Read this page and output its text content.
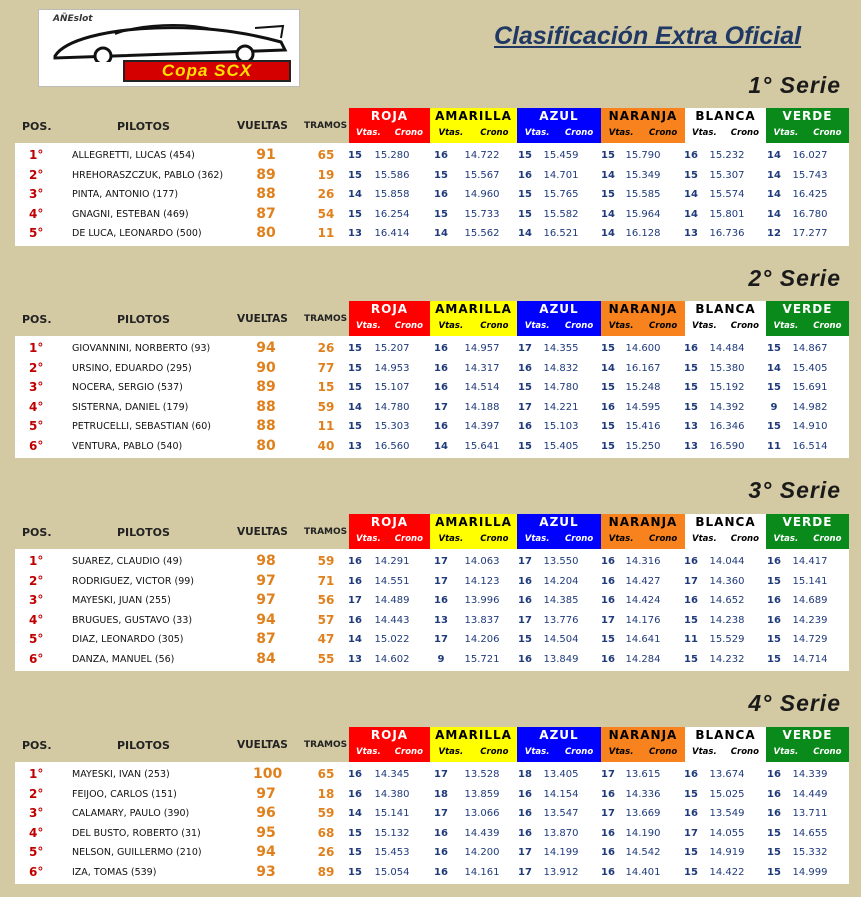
AÑEslot
Copa SCX
Clasificación Extra Oficial
1° Serie
POS.	PILOTOS	VUELTAS TRAMOS
ROJA
Vtas. Crono
AMARILLA
Vtas. Crono
AZUL
Vtas. Crono
NARANJA
Vtas. Crono
BLANCA
Vtas. Crono
VERDE
Vtas. Crono
1°	ALLEGRETTI, LUCAS (454)	91	65	15	15.280	16	14.722	15	15.459	15	15.790	16	15.232	14	16.027
2°	HREHORASZCZUK, PABLO (362) 89	19	15	15.586	15	15.567	16	14.701	14	15.349	15	15.307	14	15.743
3°	PINTA, ANTONIO (177)	88	26	14	15.858	16	14.960	15	15.765	15	15.585	14	15.574	14	16.425
4°	GNAGNI, ESTEBAN (469)	87	54	15	16.254	15	15.733	15	15.582	14	15.964	14	15.801	14	16.780
5°	DE LUCA, LEONARDO (500)	80	11	13	16.414	14	15.562	14	16.521	14	16.128	13	16.736	12	17.277
2° Serie
POS.	PILOTOS	VUELTAS TRAMOS
ROJA
Vtas. Crono
AMARILLA
Vtas. Crono
AZUL
Vtas. Crono
NARANJA
Vtas. Crono
BLANCA
Vtas. Crono
VERDE
Vtas. Crono
1°	GIOVANNINI, NORBERTO (93)	94	26	15	15.207	16	14.957	17	14.355	15	14.600	16	14.484	15	14.867
2°	URSINO, EDUARDO (295)	90	77	15	14.953	16	14.317	16	14.832	14	16.167	15	15.380	14	15.405
3°	NOCERA, SERGIO (537)	89	15	15	15.107	16	14.514	15	14.780	15	15.248	15	15.192	15	15.691
4°	SISTERNA, DANIEL (179)	88	59	14	14.780	17	14.188	17	14.221	16	14.595	15	14.392	9	14.982
5°	PETRUCELLI, SEBASTIAN (60)	88	11	15	15.303	16	14.397	16	15.103	15	15.416	13	16.346	15	14.910
6°	VENTURA, PABLO (540)	80	40	13	16.560	14	15.641	15	15.405	15	15.250	13	16.590	11	16.514
3° Serie
POS.	PILOTOS	VUELTAS TRAMOS
ROJA
Vtas. Crono
AMARILLA
Vtas. Crono
AZUL
Vtas. Crono
NARANJA
Vtas. Crono
BLANCA
Vtas. Crono
VERDE
Vtas. Crono
1°	SUAREZ, CLAUDIO (49)	98	59	16	14.291	17	14.063	17	13.550	16	14.316	16	14.044	16	14.417
2°	RODRIGUEZ, VICTOR (99)	97	71	16	14.551	17	14.123	16	14.204	16	14.427	17	14.360	15	15.141
3°	MAYESKI, JUAN (255)	97	56	17	14.489	16	13.996	16	14.385	16	14.424	16	14.652	16	14.689
4°	BRUGUES, GUSTAVO (33)	94	57	16	14.443	13	13.837	17	13.776	17	14.176	15	14.238	16	14.239
5°	DIAZ, LEONARDO (305)	87	47	14	15.022	17	14.206	15	14.504	15	14.641	11	15.529	15	14.729
6°	DANZA, MANUEL (56)	84	55	13	14.602	9	15.721	16	13.849	16	14.284	15	14.232	15	14.714
4° Serie
POS.	PILOTOS	VUELTAS TRAMOS
ROJA
Vtas. Crono
AMARILLA
Vtas. Crono
AZUL
Vtas. Crono
NARANJA
Vtas. Crono
BLANCA
Vtas. Crono
VERDE
Vtas. Crono
1°	MAYESKI, IVAN (253)	100	65	16	14.345	17	13.528	18	13.405	17	13.615	16	13.674	16	14.339
2°	FEIJOO, CARLOS (151)	97	18	16	14.380	18	13.859	16	14.154	16	14.336	15	15.025	16	14.449
3°	CALAMARY, PAULO (390)	96	59	14	15.141	17	13.066	16	13.547	17	13.669	16	13.549	16	13.711
4°	DEL BUSTO, ROBERTO (31)	95	68	15	15.132	16	14.439	16	13.870	16	14.190	17	14.055	15	14.655
5°	NELSON, GUILLERMO (210)	94	26	15	15.453	16	14.200	17	14.199	16	14.542	15	14.919	15	15.332
6°	IZA, TOMAS (539)	93	89	15	15.054	16	14.161	17	13.912	16	14.401	15	14.422	15	14.999
